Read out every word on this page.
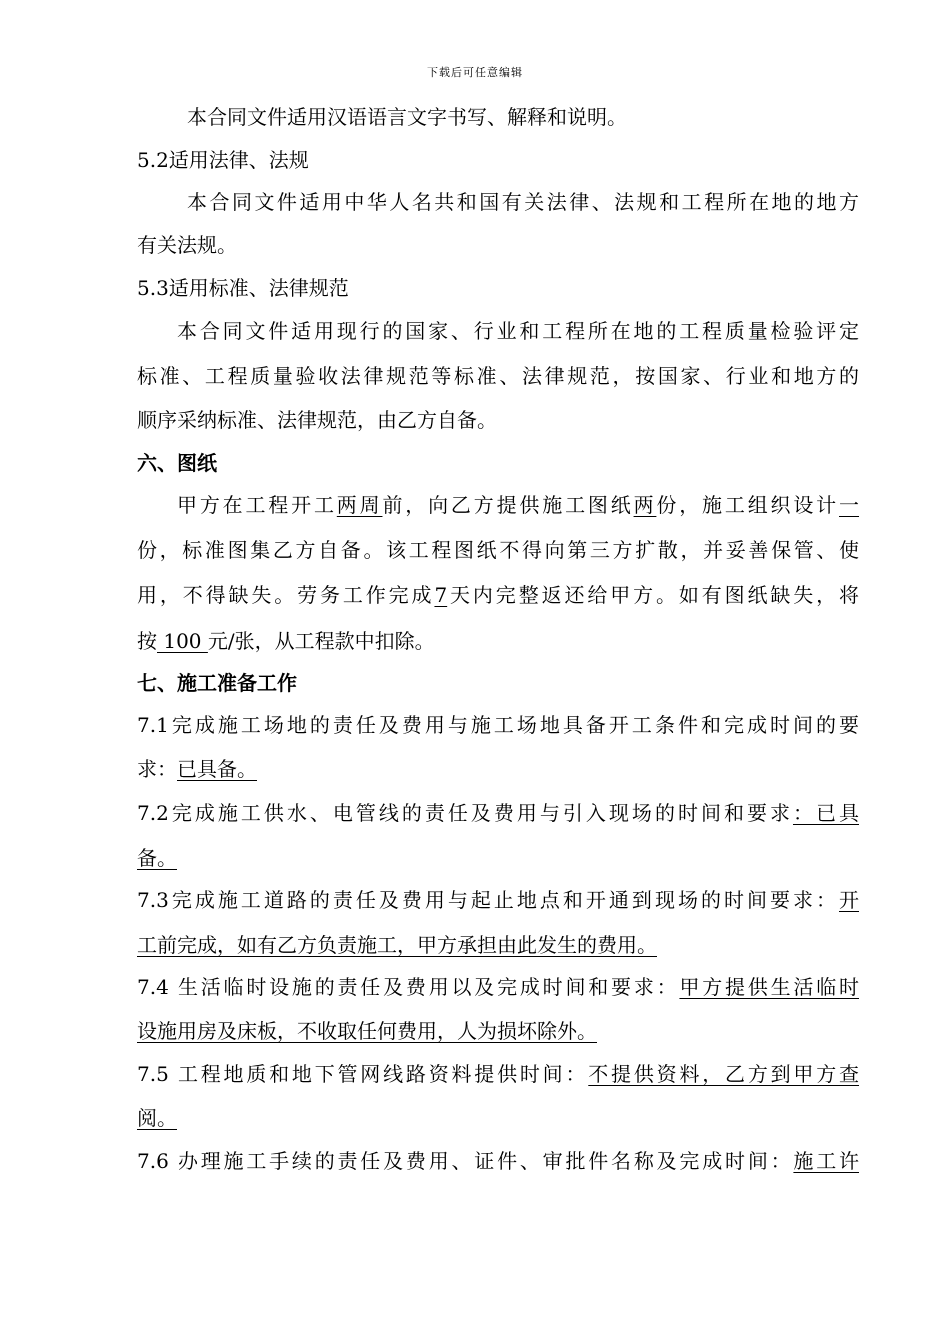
下载后可任意编辑
本合同文件适用汉语语言文字书写、解释和说明。
5.2适用法律、法规
本合同文件适用中华人名共和国有关法律、法规和工程所在地的地方
有关法规。
5.3适用标准、法律规范
本合同文件适用现行的国家、行业和工程所在地的工程质量检验评定
标准、工程质量验收法律规范等标准、法律规范，按国家、行业和地方的
顺序采纳标准、法律规范，由乙方自备。
六、图纸
甲方在工程开工两周前，向乙方提供施工图纸两份，施工组织设计一
份，标准图集乙方自备。该工程图纸不得向第三方扩散，并妥善保管、使
用，不得缺失。劳务工作完成7天内完整返还给甲方。如有图纸缺失，将
按 100 元/张，从工程款中扣除。
七、施工准备工作
7.1完成施工场地的责任及费用与施工场地具备开工条件和完成时间的要
求：已具备。
7.2完成施工供水、电管线的责任及费用与引入现场的时间和要求：已具
备。
7.3完成施工道路的责任及费用与起止地点和开通到现场的时间要求：开
工前完成，如有乙方负责施工，甲方承担由此发生的费用。
7.4 生活临时设施的责任及费用以及完成时间和要求：甲方提供生活临时
设施用房及床板，不收取任何费用，人为损坏除外。
7.5 工程地质和地下管网线路资料提供时间：不提供资料，乙方到甲方查
阅。
7.6 办理施工手续的责任及费用、证件、审批件名称及完成时间：施工许
